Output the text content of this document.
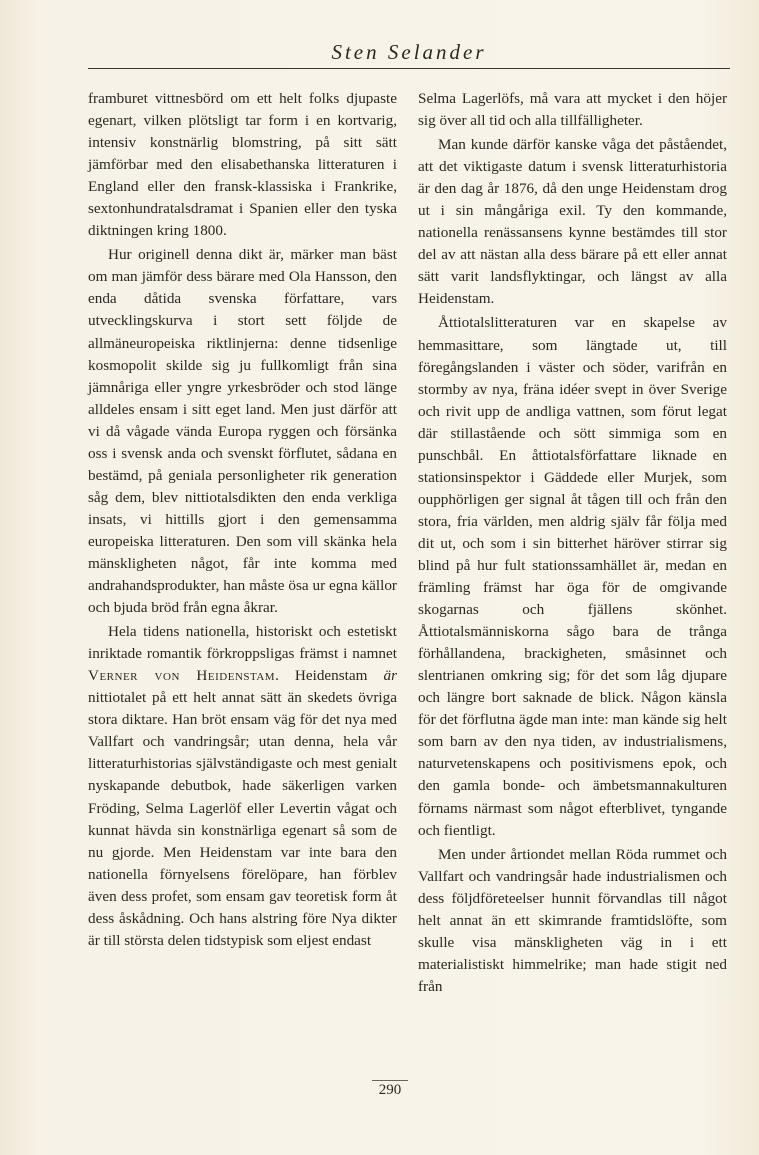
Sten Selander

framburet vittnesbörd om ett helt folks djupaste egenart, vilken plötsligt tar form i en kortvarig, intensiv konstnärlig blomstring, på sitt sätt jämförbar med den elisabethanska litteraturen i England eller den fransk-klassiska i Frankrike, sextonhundratalsdramat i Spanien eller den tyska diktningen kring 1800.

Hur originell denna dikt är, märker man bäst om man jämför dess bärare med Ola Hansson, den enda dåtida svenska författare, vars utvecklingskurva i stort sett följde de allmäneuropeiska riktlinjerna: denne tidsenlige kosmopolit skilde sig ju fullkomligt från sina jämnåriga eller yngre yrkesbröder och stod länge alldeles ensam i sitt eget land. Men just därför att vi då vågade vända Europa ryggen och försänka oss i svensk anda och svenskt förflutet, sådana en bestämd, på geniala personligheter rik generation såg dem, blev nittiotalsdikten den enda verkliga insats, vi hittills gjort i den gemensamma europeiska litteraturen. Den som vill skänka hela mänskligheten något, får inte komma med andrahandsprodukter, han måste ösa ur egna källor och bjuda bröd från egna åkrar.

Hela tidens nationella, historiskt och estetiskt inriktade romantik förkroppsligas främst i namnet Verner von Heidenstam. Heidenstam är nittiotalet på ett helt annat sätt än skedets övriga stora diktare. Han bröt ensam väg för det nya med Vallfart och vandringsår; utan denna, hela vår litteraturhistorias självständigaste och mest genialt nyskapande debutbok, hade säkerligen varken Fröding, Selma Lagerlöf eller Levertin vågat och kunnat hävda sin konstnärliga egenart så som de nu gjorde. Men Heidenstam var inte bara den nationella förnyelsens förelöpare, han förblev även dess profet, som ensam gav teoretisk form åt dess åskådning. Och hans alstring före Nya dikter är till största delen tidstypisk som eljest endast

Selma Lagerlöfs, må vara att mycket i den höjer sig över all tid och alla tillfälligheter.

Man kunde därför kanske våga det påståendet, att det viktigaste datum i svensk litteraturhistoria är den dag år 1876, då den unge Heidenstam drog ut i sin mångåriga exil. Ty den kommande, nationella renässansens kynne bestämdes till stor del av att nästan alla dess bärare på ett eller annat sätt varit landsflyktingar, och längst av alla Heidenstam.

Åttiotalslitteraturen var en skapelse av hemmasittare, som längtade ut, till föregångslanden i väster och söder, varifrån en stormby av nya, fräna idéer svept in över Sverige och rivit upp de andliga vattnen, som förut legat där stillastående och sött simmiga som en punschbål. En åttiotalsförfattare liknade en stationsinspektor i Gäddede eller Murjek, som oupphörligen ger signal åt tågen till och från den stora, fria världen, men aldrig själv får följa med dit ut, och som i sin bitterhet häröver stirrar sig blind på hur fult stationssamhället är, medan en främling främst har öga för de omgivande skogarnas och fjällens skönhet. Åttiotalsmänniskorna sågo bara de trånga förhållandena, brackigheten, småsinnet och slentrianen omkring sig; för det som låg djupare och längre bort saknade de blick. Någon känsla för det förflutna ägde man inte: man kände sig helt som barn av den nya tiden, av industrialismens, naturvetenskapens och positivismens epok, och den gamla bonde- och ämbetsmannakulturen förnams närmast som något efterblivet, tyngande och fientligt.

Men under årtiondet mellan Röda rummet och Vallfart och vandringsår hade industrialismen och dess följdföreteelser hunnit förvandlas till något helt annat än ett skimrande framtidslöfte, som skulle visa mänskligheten väg in i ett materialistiskt himmelrike; man hade stigit ned från

290
